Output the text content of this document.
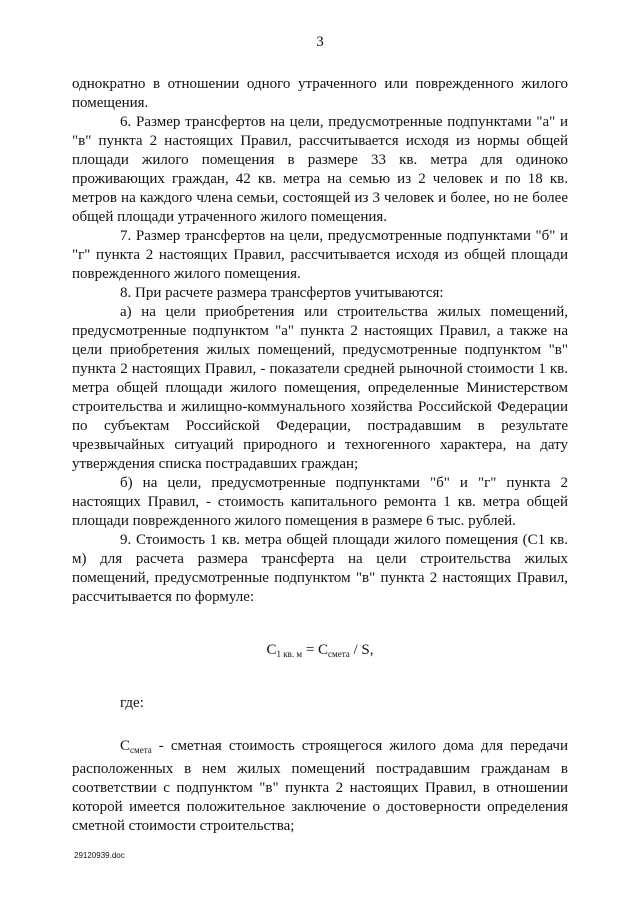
3

однократно в отношении одного утраченного или поврежденного жилого помещения.

6. Размер трансфертов на цели, предусмотренные подпунктами "а" и "в" пункта 2 настоящих Правил, рассчитывается исходя из нормы общей площади жилого помещения в размере 33 кв. метра для одиноко проживающих граждан, 42 кв. метра на семью из 2 человек и по 18 кв. метров на каждого члена семьи, состоящей из 3 человек и более, но не более общей площади утраченного жилого помещения.

7. Размер трансфертов на цели, предусмотренные подпунктами "б" и "г" пункта 2 настоящих Правил, рассчитывается исходя из общей площади поврежденного жилого помещения.

8. При расчете размера трансфертов учитываются:

а) на цели приобретения или строительства жилых помещений, предусмотренные подпунктом "а" пункта 2 настоящих Правил, а также на цели приобретения жилых помещений, предусмотренные подпунктом "в" пункта 2 настоящих Правил, - показатели средней рыночной стоимости 1 кв. метра общей площади жилого помещения, определенные Министерством строительства и жилищно-коммунального хозяйства Российской Федерации по субъектам Российской Федерации, пострадавшим в результате чрезвычайных ситуаций природного и техногенного характера, на дату утверждения списка пострадавших граждан;

б) на цели, предусмотренные подпунктами "б" и "г" пункта 2 настоящих Правил, - стоимость капитального ремонта 1 кв. метра общей площади поврежденного жилого помещения в размере 6 тыс. рублей.

9. Стоимость 1 кв. метра общей площади жилого помещения (С1 кв. м) для расчета размера трансферта на цели строительства жилых помещений, предусмотренные подпунктом "в" пункта 2 настоящих Правил, рассчитывается по формуле:

$С_{1 кв. м} = С_{смета} / S$,

где:

$С_{смета}$ - сметная стоимость строящегося жилого дома для передачи расположенных в нем жилых помещений пострадавшим гражданам в соответствии с подпунктом "в" пункта 2 настоящих Правил, в отношении которой имеется положительное заключение о достоверности определения сметной стоимости строительства;

29120939.doc
